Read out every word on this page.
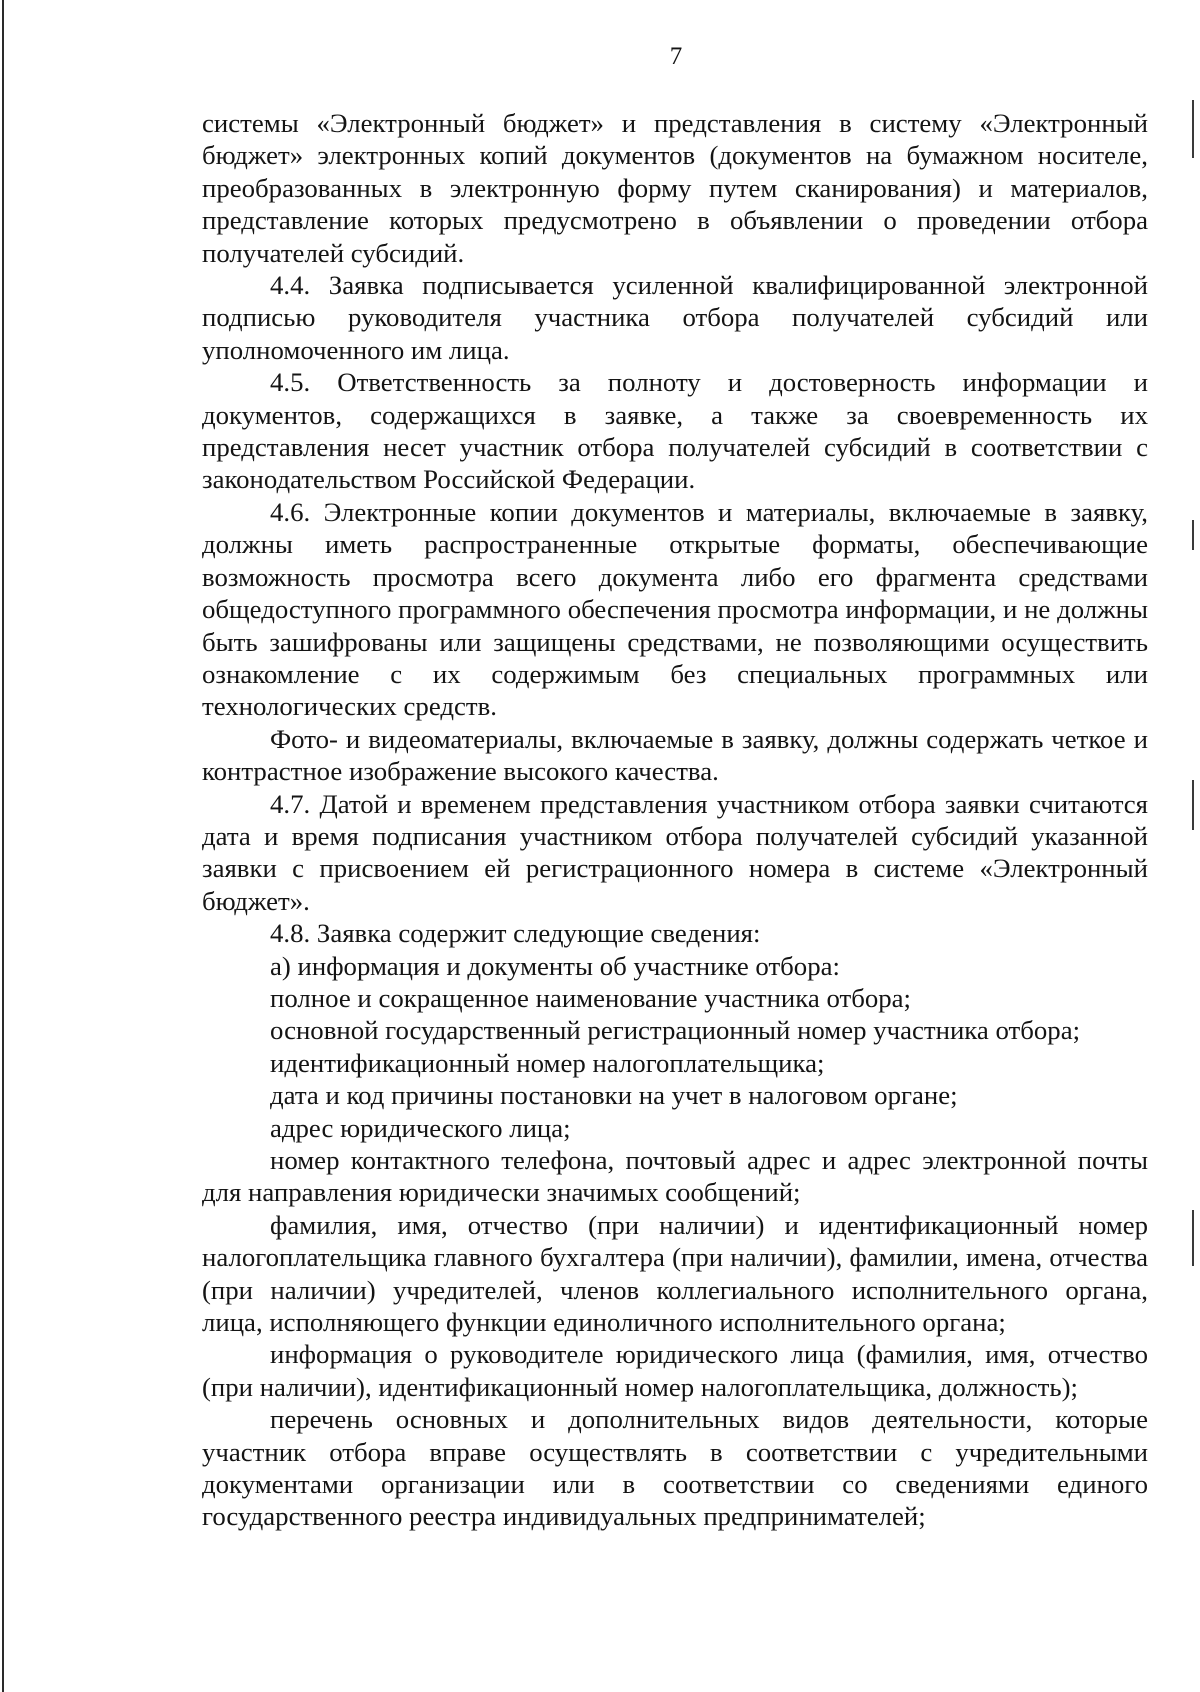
7

системы «Электронный бюджет» и представления в систему «Электронный бюджет» электронных копий документов (документов на бумажном носителе, преобразованных в электронную форму путем сканирования) и материалов, представление которых предусмотрено в объявлении о проведении отбора получателей субсидий.

4.4. Заявка подписывается усиленной квалифицированной электронной подписью руководителя участника отбора получателей субсидий или уполномоченного им лица.

4.5. Ответственность за полноту и достоверность информации и документов, содержащихся в заявке, а также за своевременность их представления несет участник отбора получателей субсидий в соответствии с законодательством Российской Федерации.

4.6. Электронные копии документов и материалы, включаемые в заявку, должны иметь распространенные открытые форматы, обеспечивающие возможность просмотра всего документа либо его фрагмента средствами общедоступного программного обеспечения просмотра информации, и не должны быть зашифрованы или защищены средствами, не позволяющими осуществить ознакомление с их содержимым без специальных программных или технологических средств.

Фото- и видеоматериалы, включаемые в заявку, должны содержать четкое и контрастное изображение высокого качества.

4.7. Датой и временем представления участником отбора заявки считаются дата и время подписания участником отбора получателей субсидий указанной заявки с присвоением ей регистрационного номера в системе «Электронный бюджет».

4.8. Заявка содержит следующие сведения:

а) информация и документы об участнике отбора:

полное и сокращенное наименование участника отбора;

основной государственный регистрационный номер участника отбора;

идентификационный номер налогоплательщика;

дата и код причины постановки на учет в налоговом органе;

адрес юридического лица;

номер контактного телефона, почтовый адрес и адрес электронной почты для направления юридически значимых сообщений;

фамилия, имя, отчество (при наличии) и идентификационный номер налогоплательщика главного бухгалтера (при наличии), фамилии, имена, отчества (при наличии) учредителей, членов коллегиального исполнительного органа, лица, исполняющего функции единоличного исполнительного органа;

информация о руководителе юридического лица (фамилия, имя, отчество (при наличии), идентификационный номер налогоплательщика, должность);

перечень основных и дополнительных видов деятельности, которые участник отбора вправе осуществлять в соответствии с учредительными документами организации или в соответствии со сведениями единого государственного реестра индивидуальных предпринимателей;
